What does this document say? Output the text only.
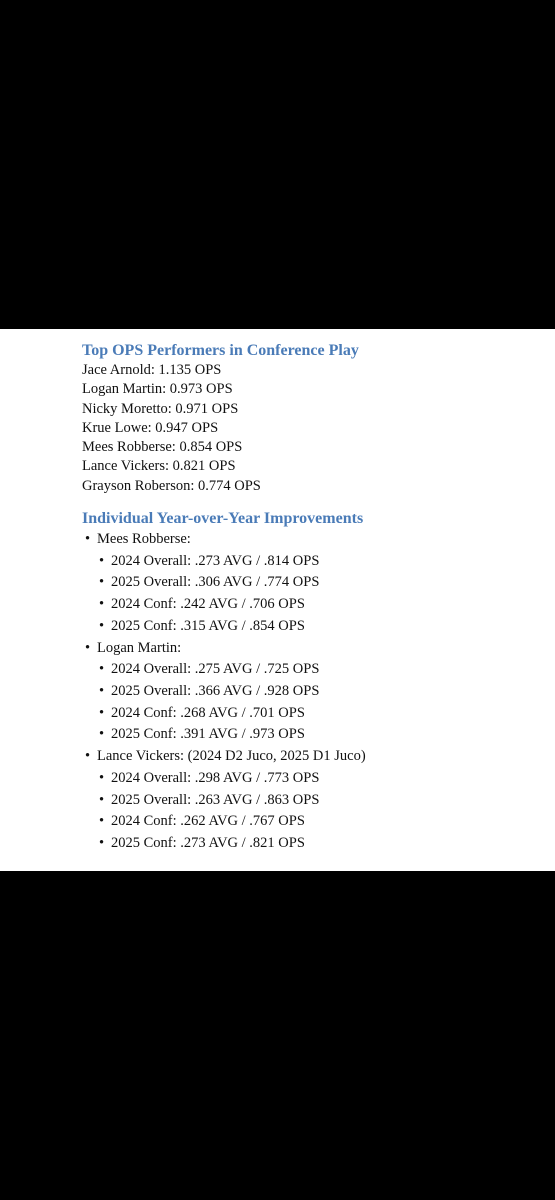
Top OPS Performers in Conference Play
Jace Arnold: 1.135 OPS
Logan Martin: 0.973 OPS
Nicky Moretto: 0.971 OPS
Krue Lowe: 0.947 OPS
Mees Robberse: 0.854 OPS
Lance Vickers: 0.821 OPS
Grayson Roberson: 0.774 OPS
Individual Year-over-Year Improvements
• Mees Robberse:
• 2024 Overall: .273 AVG / .814 OPS
• 2025 Overall: .306 AVG / .774 OPS
• 2024 Conf: .242 AVG / .706 OPS
• 2025 Conf: .315 AVG / .854 OPS
• Logan Martin:
• 2024 Overall: .275 AVG / .725 OPS
• 2025 Overall: .366 AVG / .928 OPS
• 2024 Conf: .268 AVG / .701 OPS
• 2025 Conf: .391 AVG / .973 OPS
• Lance Vickers: (2024 D2 Juco, 2025 D1 Juco)
• 2024 Overall: .298 AVG / .773 OPS
• 2025 Overall: .263 AVG / .863 OPS
• 2024 Conf: .262 AVG / .767 OPS
• 2025 Conf: .273 AVG / .821 OPS
